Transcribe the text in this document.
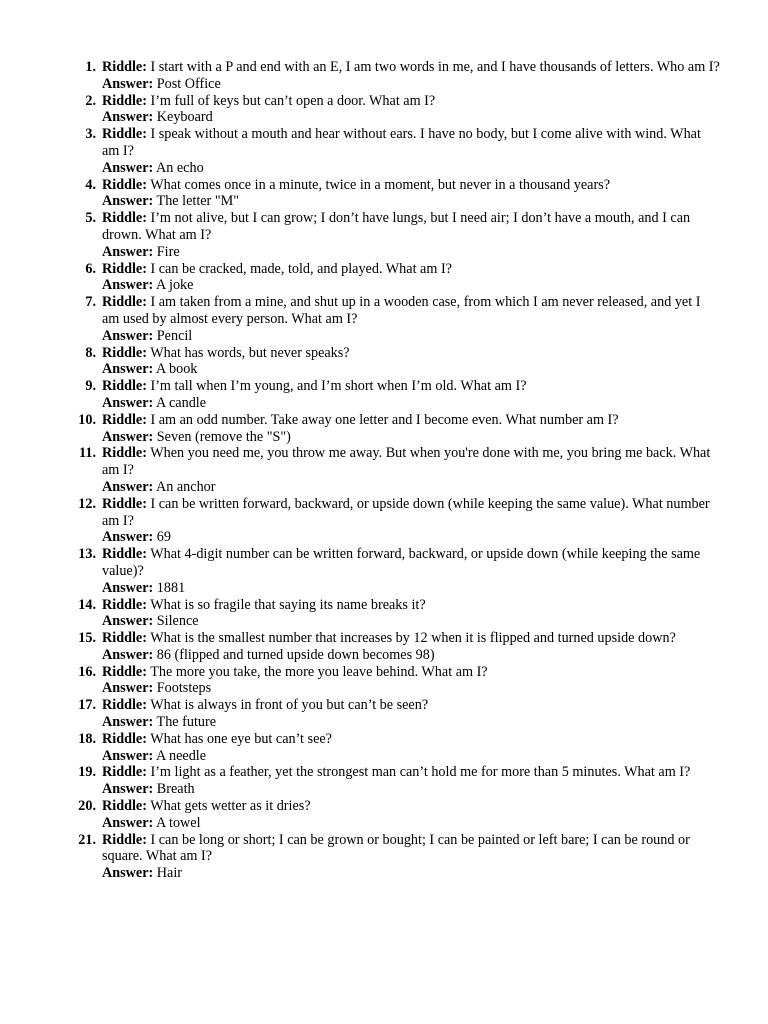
1. Riddle: I start with a P and end with an E, I am two words in me, and I have thousands of letters. Who am I?
Answer: Post Office
2. Riddle: I’m full of keys but can’t open a door. What am I?
Answer: Keyboard
3. Riddle: I speak without a mouth and hear without ears. I have no body, but I come alive with wind. What am I?
Answer: An echo
4. Riddle: What comes once in a minute, twice in a moment, but never in a thousand years?
Answer: The letter "M"
5. Riddle: I’m not alive, but I can grow; I don’t have lungs, but I need air; I don’t have a mouth, and I can drown. What am I?
Answer: Fire
6. Riddle: I can be cracked, made, told, and played. What am I?
Answer: A joke
7. Riddle: I am taken from a mine, and shut up in a wooden case, from which I am never released, and yet I am used by almost every person. What am I?
Answer: Pencil
8. Riddle: What has words, but never speaks?
Answer: A book
9. Riddle: I’m tall when I’m young, and I’m short when I’m old. What am I?
Answer: A candle
10. Riddle: I am an odd number. Take away one letter and I become even. What number am I?
Answer: Seven (remove the "S")
11. Riddle: When you need me, you throw me away. But when you're done with me, you bring me back. What am I?
Answer: An anchor
12. Riddle: I can be written forward, backward, or upside down (while keeping the same value). What number am I?
Answer: 69
13. Riddle: What 4-digit number can be written forward, backward, or upside down (while keeping the same value)?
Answer: 1881
14. Riddle: What is so fragile that saying its name breaks it?
Answer: Silence
15. Riddle: What is the smallest number that increases by 12 when it is flipped and turned upside down?
Answer: 86 (flipped and turned upside down becomes 98)
16. Riddle: The more you take, the more you leave behind. What am I?
Answer: Footsteps
17. Riddle: What is always in front of you but can’t be seen?
Answer: The future
18. Riddle: What has one eye but can’t see?
Answer: A needle
19. Riddle: I’m light as a feather, yet the strongest man can’t hold me for more than 5 minutes. What am I?
Answer: Breath
20. Riddle: What gets wetter as it dries?
Answer: A towel
21. Riddle: I can be long or short; I can be grown or bought; I can be painted or left bare; I can be round or square. What am I?
Answer: Hair
